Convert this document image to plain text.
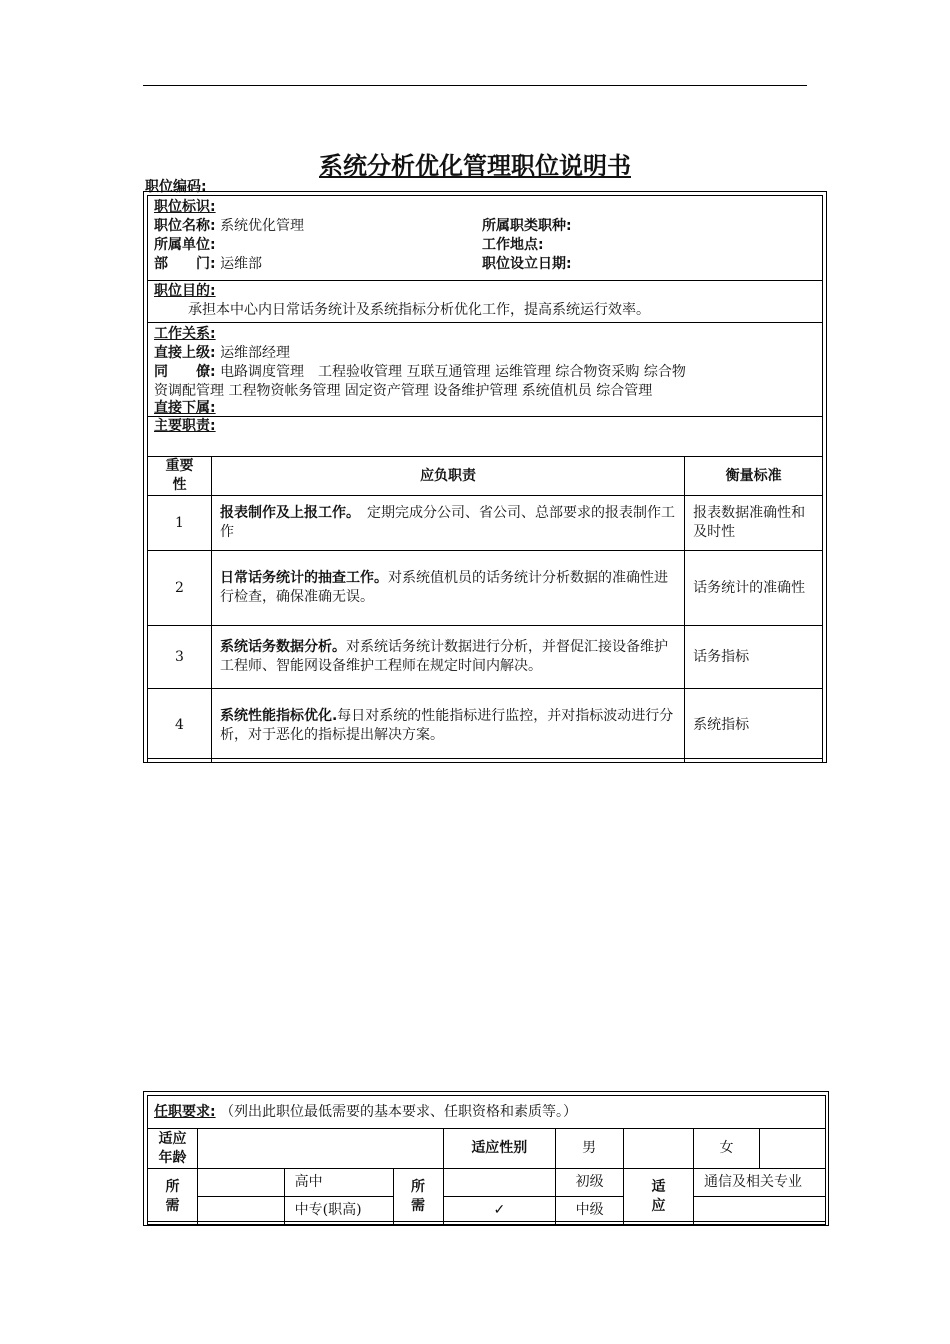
系统分析优化管理职位说明书
职位编码:
职位标识:
职位名称: 系统优化管理	所属职类职种:
所属单位:	工作地点:
部　　门: 运维部	职位设立日期:
职位目的:
承担本中心内日常话务统计及系统指标分析优化工作，提高系统运行效率。
工作关系:
直接上级: 运维部经理
同　　僚: 电路调度管理　工程验收管理 互联互通管理 运维管理 综合物资采购 综合物
资调配管理 工程物资帐务管理 固定资产管理 设备维护管理 系统值机员 综合管理
直接下属:
主要职责:
重要性	应负职责	衡量标准
1	报表制作及上报工作。　 定期完成分公司、省公司、总部要求的报表制作工作	报表数据准确性和及时性
2	日常话务统计的抽查工作。对系统值机员的话务统计分析数据的准确性进行检查，确保准确无误。	话务统计的准确性
3	系统话务数据分析。对系统话务统计数据进行分析，并督促汇接设备维护工程师、智能网设备维护工程师在规定时间内解决。	话务指标
4	系统性能指标优化.每日对系统的性能指标进行监控，并对指标波动进行分析，对于恶化的指标提出解决方案。	系统指标
任职要求: （列出此职位最低需要的基本要求、任职资格和素质等。）
适应年龄				适应性别	男		女	
所需		高中	所需		初级	适应	通信及相关专业	
		中专(职高)		✓	中级			
